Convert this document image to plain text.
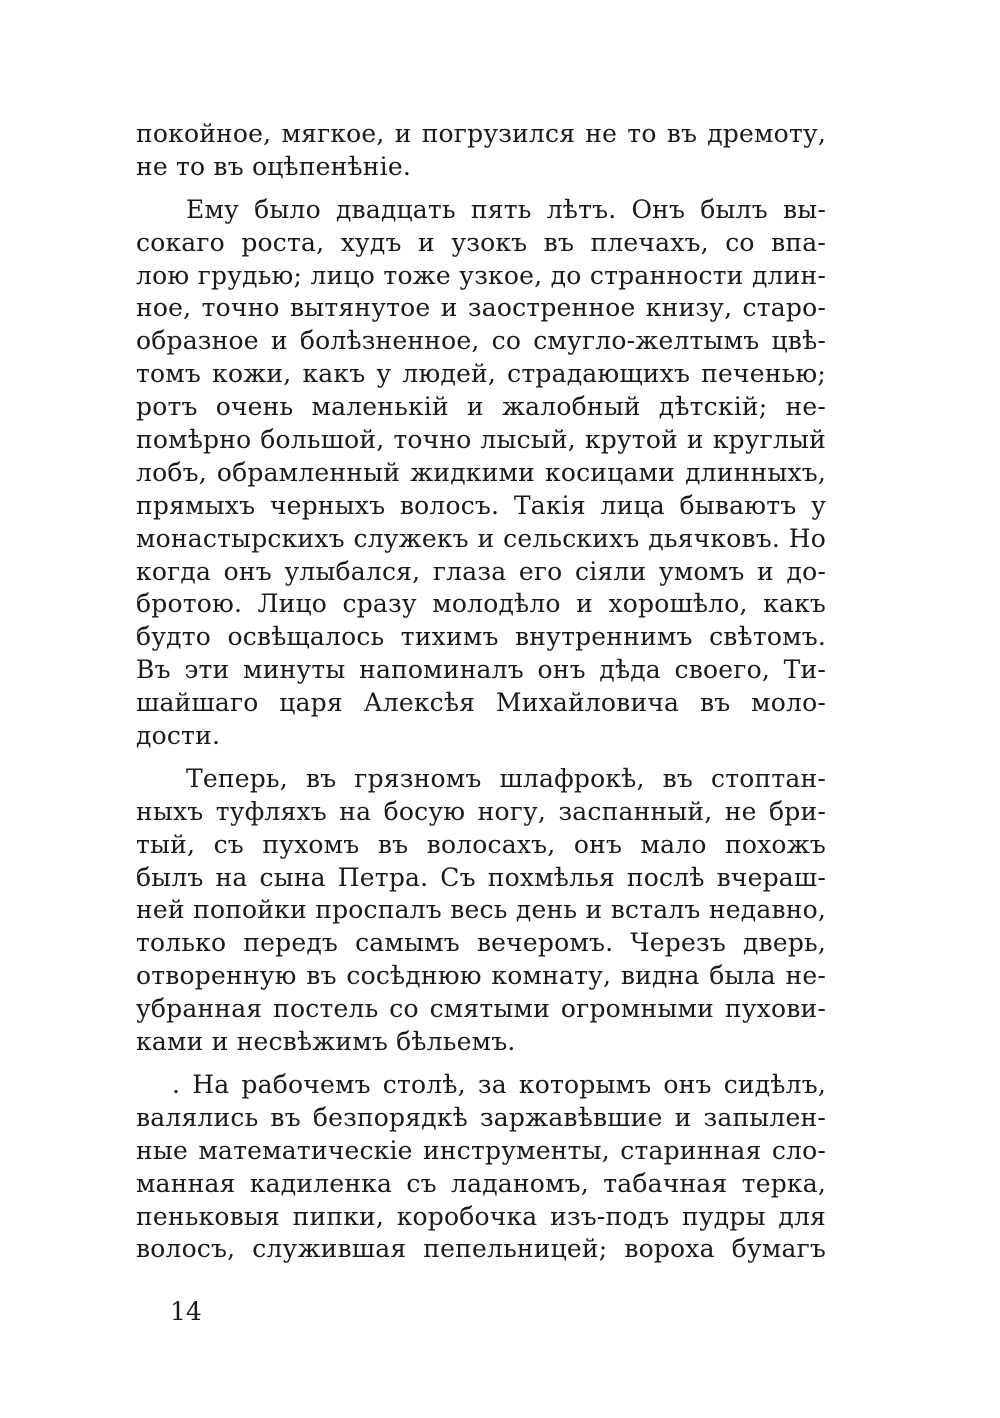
покойное, мягкое, и погрузился не то въ дремоту,
не то въ оцѣпенѣніе.
Ему было двадцать пять лѣтъ. Онъ былъ вы-
сокаго роста, худъ и узокъ въ плечахъ, со впа-
лою грудью; лицо тоже узкое, до странности длин-
ное, точно вытянутое и заостренное книзу, старо-
образное и болѣзненное, со смугло-желтымъ цвѣ-
томъ кожи, какъ у людей, страдающихъ печенью;
ротъ очень маленькій и жалобный дѣтскій; не-
помѣрно большой, точно лысый, крутой и круглый
лобъ, обрамленный жидкими косицами длинныхъ,
прямыхъ черныхъ волосъ. Такія лица бываютъ у
монастырскихъ служекъ и сельскихъ дьячковъ. Но
когда онъ улыбался, глаза его сіяли умомъ и до-
бротою. Лицо сразу молодѣло и хорошѣло, какъ
будто освѣщалось тихимъ внутреннимъ свѣтомъ.
Въ эти минуты напоминалъ онъ дѣда своего, Ти-
шайшаго царя Алексѣя Михайловича въ моло-
дости.
Теперь, въ грязномъ шлафрокѣ, въ стоптан-
ныхъ туфляхъ на босую ногу, заспанный, не бри-
тый, съ пухомъ въ волосахъ, онъ мало похожъ
былъ на сына Петра. Съ похмѣлья послѣ вчераш-
ней попойки проспалъ весь день и всталъ недавно,
только передъ самымъ вечеромъ. Черезъ дверь,
отворенную въ сосѣднюю комнату, видна была не-
убранная постель со смятыми огромными пухови-
ками и несвѣжимъ бѣльемъ.
. На рабочемъ столѣ, за которымъ онъ сидѣлъ,
валялись въ безпорядкѣ заржавѣвшие и запылен-
ные математическіе инструменты, старинная сло-
манная кадиленка съ ладаномъ, табачная терка,
пеньковыя пипки, коробочка изъ-подъ пудры для
волосъ, служившая пепельницей; вороха бумагъ
14
